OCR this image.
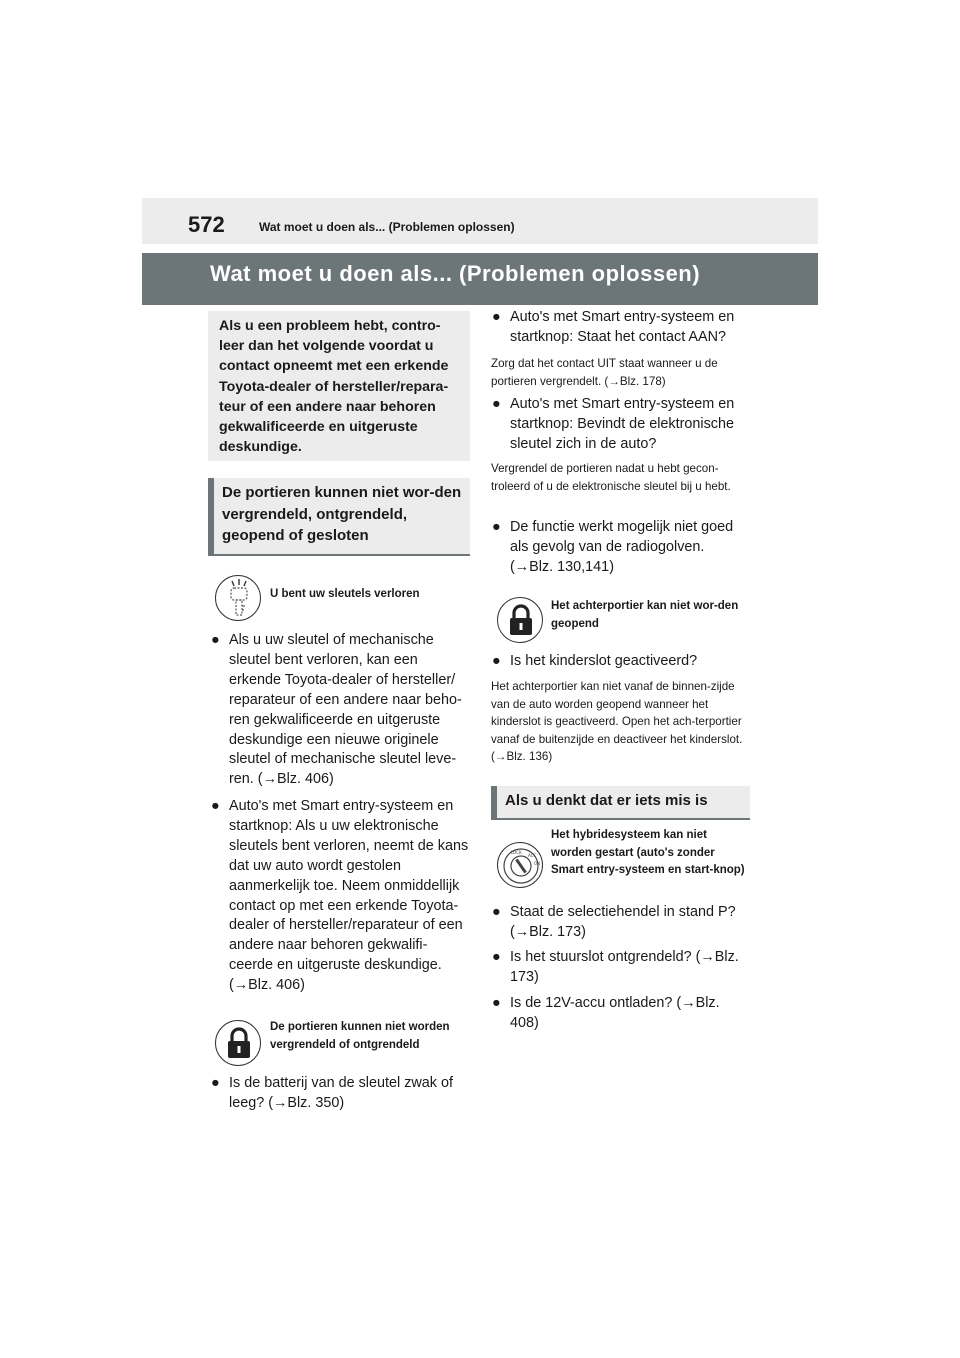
572	Wat moet u doen als... (Problemen oplossen)
Wat moet u doen als... (Problemen oplossen)
Als u een probleem hebt, contro-leer dan het volgende voordat u contact opneemt met een erkende Toyota-dealer of hersteller/repara-teur of een andere naar behoren gekwalificeerde en uitgeruste deskundige.
De portieren kunnen niet wor-den vergrendeld, ontgrendeld, geopend of gesloten
U bent uw sleutels verloren
● Als u uw sleutel of mechanische sleutel bent verloren, kan een erkende Toyota-dealer of hersteller/ reparateur of een andere naar beho-ren gekwalificeerde en uitgeruste deskundige een nieuwe originele sleutel of mechanische sleutel leve-ren. (→Blz. 406)
● Auto's met Smart entry-systeem en startknop: Als u uw elektronische sleutels bent verloren, neemt de kans dat uw auto wordt gestolen aanmerkelijk toe. Neem onmiddellijk contact op met een erkende Toyota-dealer of hersteller/reparateur of een andere naar behoren gekwalifi-ceerde en uitgeruste deskundige. (→Blz. 406)
De portieren kunnen niet worden vergrendeld of ontgrendeld
● Is de batterij van de sleutel zwak of leeg? (→Blz. 350)
● Auto's met Smart entry-systeem en startknop: Staat het contact AAN?
Zorg dat het contact UIT staat wanneer u de portieren vergrendelt. (→Blz. 178)
● Auto's met Smart entry-systeem en startknop: Bevindt de elektronische sleutel zich in de auto?
Vergrendel de portieren nadat u hebt gecon-troleerd of u de elektronische sleutel bij u hebt.
● De functie werkt mogelijk niet goed als gevolg van de radiogolven. (→Blz. 130,141)
Het achterportier kan niet wor-den geopend
● Is het kinderslot geactiveerd?
Het achterportier kan niet vanaf de binnen-zijde van de auto worden geopend wanneer het kinderslot is geactiveerd. Open het ach-terportier vanaf de buitenzijde en deactiveer het kinderslot. (→Blz. 136)
Als u denkt dat er iets mis is
LOCK
ACC
ON
Het hybridesysteem kan niet worden gestart (auto's zonder Smart entry-systeem en start-knop)
● Staat de selectiehendel in stand P? (→Blz. 173)
● Is het stuurslot ontgrendeld? (→Blz. 173)
● Is de 12V-accu ontladen? (→Blz. 408)
